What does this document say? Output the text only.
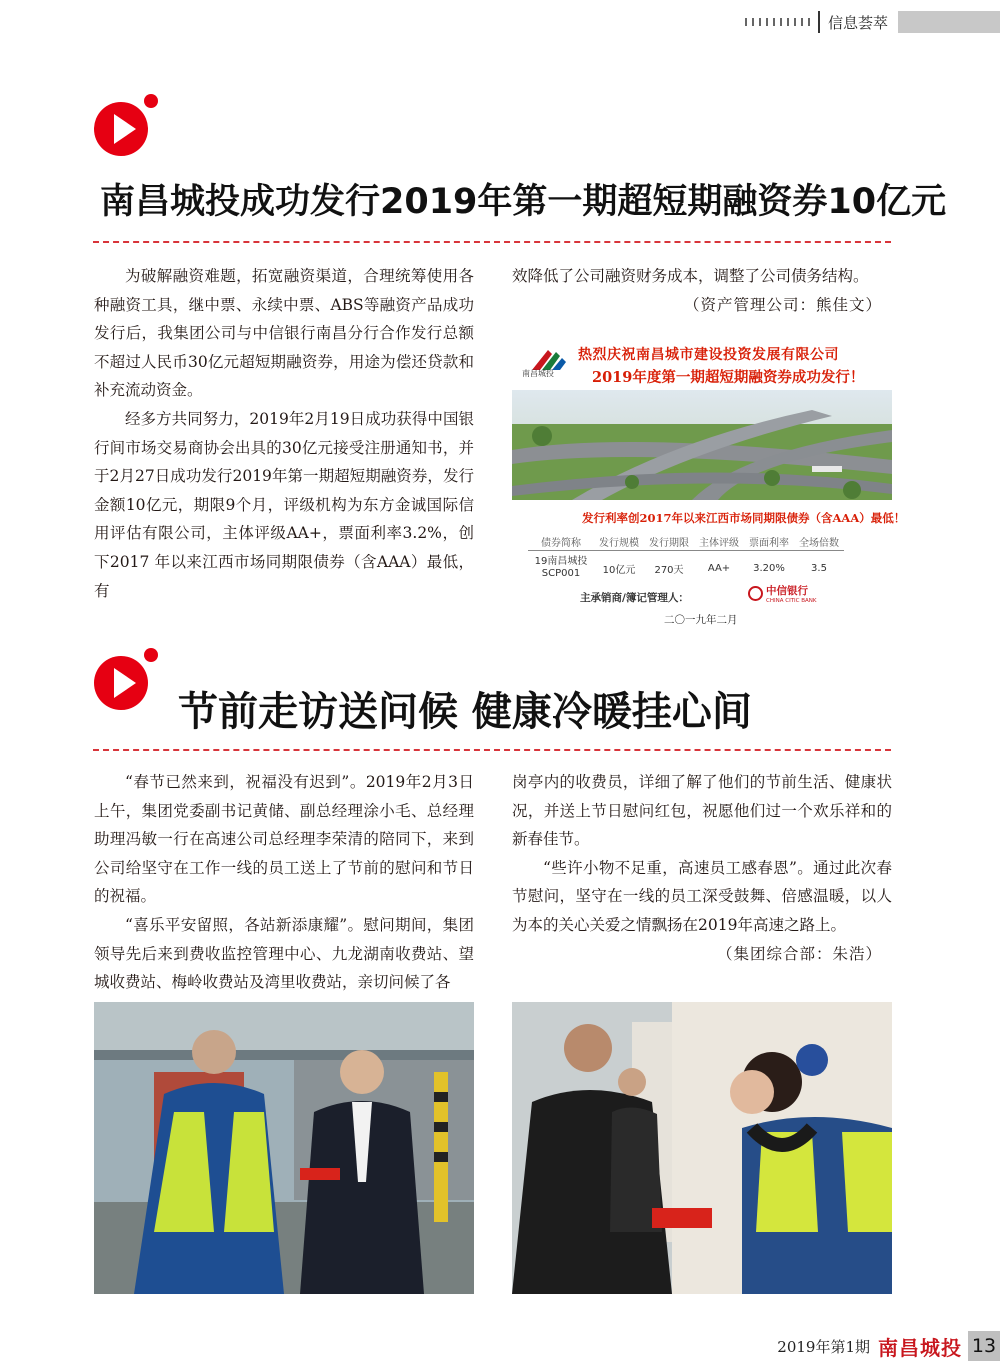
信息荟萃
南昌城投成功发行2019年第一期超短期融资券10亿元

为破解融资难题，拓宽融资渠道，合理统筹使用各种融资工具，继中票、永续中票、ABS等融资产品成功发行后，我集团公司与中信银行南昌分行合作发行总额不超过人民币30亿元超短期融资券，用途为偿还贷款和补充流动资金。

经多方共同努力，2019年2月19日成功获得中国银行间市场交易商协会出具的30亿元接受注册通知书，并于2月27日成功发行2019年第一期超短期融资券，发行金额10亿元，期限9个月，评级机构为东方金诚国际信用评估有限公司，主体评级AA+，票面利率3.2%，创下2017 年以来江西市场同期限债券（含AAA）最低，有

效降低了公司融资财务成本，调整了公司债务结构。

（资产管理公司：熊佳文）

南昌城投
热烈庆祝南昌城市建设投资发展有限公司
2019年度第一期超短期融资券成功发行！
发行利率创2017年以来江西市场同期限债券（含AAA）最低！
债券简称	发行规模	发行期限	主体评级	票面利率	全场倍数
19南昌城投 SCP001	10亿元	270天	AA+	3.20%	3.5
主承销商/簿记管理人：
中信银行
CHINA CITIC BANK
二〇一九年二月
节前走访送问候 健康冷暖挂心间

“春节已然来到，祝福没有迟到”。2019年2月3日上午，集团党委副书记黄储、副总经理涂小毛、总经理助理冯敏一行在高速公司总经理李荣清的陪同下，来到公司给坚守在工作一线的员工送上了节前的慰问和节日的祝福。

“喜乐平安留照，各站新添康耀”。慰问期间，集团领导先后来到费收监控管理中心、九龙湖南收费站、望城收费站、梅岭收费站及湾里收费站，亲切问候了各

岗亭内的收费员，详细了解了他们的节前生活、健康状况，并送上节日慰问红包，祝愿他们过一个欢乐祥和的新春佳节。

“些许小物不足重，高速员工感春恩”。通过此次春节慰问，坚守在一线的员工深受鼓舞、倍感温暖，以人为本的关心关爱之情飘扬在2019年高速之路上。

（集团综合部：朱浩）

2019年第1期 南昌城投 13
